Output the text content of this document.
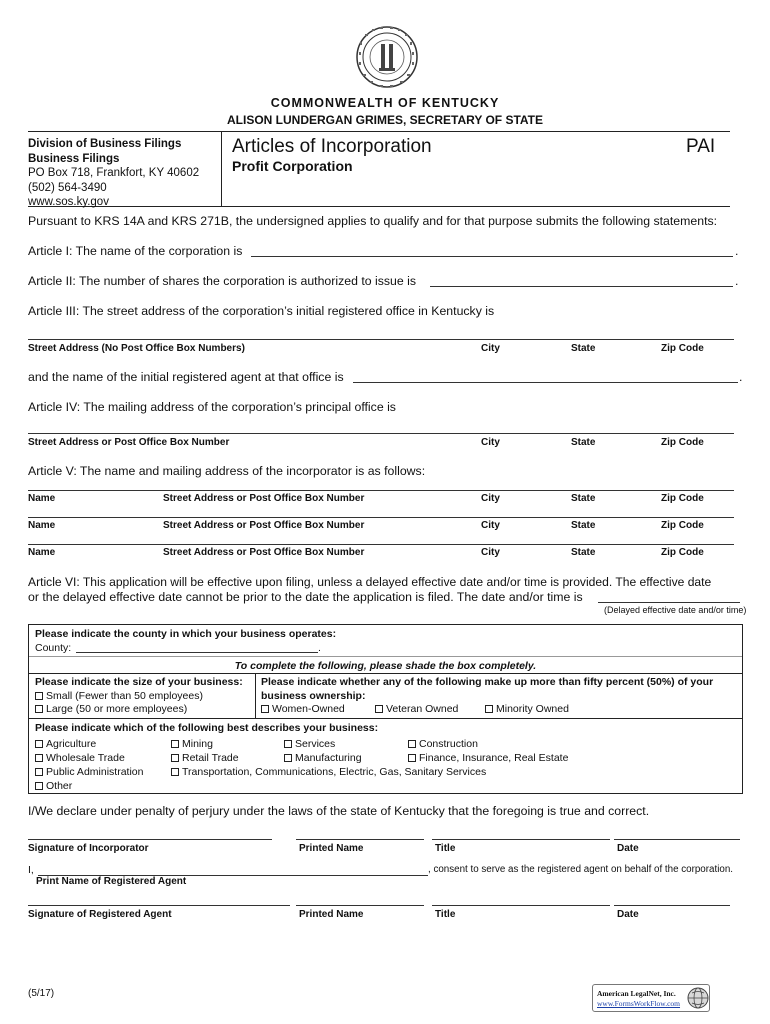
COMMONWEALTH OF KENTUCKY
ALISON LUNDERGAN GRIMES, SECRETARY OF STATE
Division of Business Filings
Business Filings
PO Box 718, Frankfort, KY 40602
(502) 564-3490
www.sos.ky.gov
Articles of Incorporation
Profit Corporation
PAI
Pursuant to KRS 14A and KRS 271B, the undersigned applies to qualify and for that purpose submits the following statements:
Article I: The name of the corporation is	.
Article II: The number of shares the corporation is authorized to issue is	.
Article III: The street address of the corporation’s initial registered office in Kentucky is
Street Address (No Post Office Box Numbers)	City	State	Zip Code
and the name of the initial registered agent at that office is	.
Article IV: The mailing address of the corporation’s principal office is
Street Address or Post Office Box Number	City	State	Zip Code
Article V: The name and mailing address of the incorporator is as follows:
Name	Street Address or Post Office Box Number	City	State	Zip Code
Name	Street Address or Post Office Box Number	City	State	Zip Code
Name	Street Address or Post Office Box Number	City	State	Zip Code
Article VI: This application will be effective upon filing, unless a delayed effective date and/or time is provided. The effective date
or the delayed effective date cannot be prior to the date the application is filed. The date and/or time is
(Delayed effective date and/or time)
Please indicate the county in which your business operates:
County:	.
To complete the following, please shade the box completely.
Please indicate the size of your business:
Small (Fewer than 50 employees)
Large (50 or more employees)
Please indicate whether any of the following make up more than fifty percent (50%) of your
business ownership:
Women-Owned	Veteran Owned	Minority Owned
Please indicate which of the following best describes your business:
Agriculture	Mining	Services	Construction
Wholesale Trade	Retail Trade	Manufacturing	Finance, Insurance, Real Estate
Public Administration	Transportation, Communications, Electric, Gas, Sanitary Services
Other
I/We declare under penalty of perjury under the laws of the state of Kentucky that the foregoing is true and correct.
Signature of Incorporator	Printed Name	Title	Date
I,	, consent to serve as the registered agent on behalf of the corporation.
Print Name of Registered Agent
Signature of Registered Agent	Printed Name	Title	Date
(5/17)	American LegalNet, Inc.
www.FormsWorkFlow.com
